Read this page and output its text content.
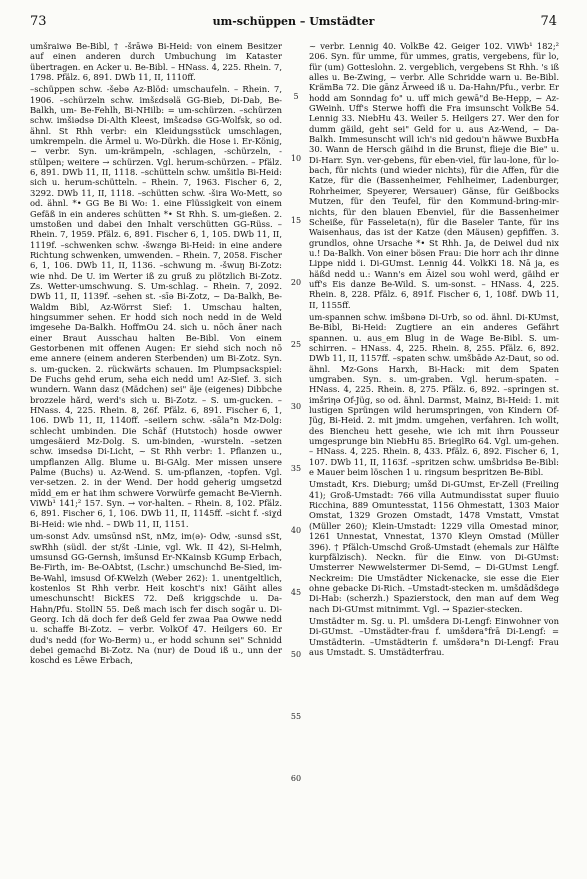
73	um-schüppen – Umstädter	74

umšraiwə Be-Bibl, † -šrāwə Bi-Heid: von einem Besitzer auf einen anderen durch Umbuchung im Kataster übertragen. en Acker u. Be-Bibl. – HNass. 4, 225. Rhein. 7, 1798. Pfälz. 6, 891. DWb 11, II, 1110ff.

–schüppen schw. -šebə Az-Blöd: umschaufeln. – Rhein. 7, 1906. –schürzeln schw. imšεdsəlä GG-Bieb, Di-Dab, Be-Balkh, um- Be-Fehlh, Bi-NHilb: = um-schürzen. –schürzen schw. imšiədsə Di-Alth Kleest, imšεədsə GG-Wolfsk, so od. ähnl. St Rhh verbr: ein Kleidungsstück umschlagen, umkrempeln. die Ärmel u. Wo-Dürkh. die Hose i. Er-König, ~ verbr. Syn. um-krämpeln, -schlagen, -schürzeln, -stülpen; weitere → schürzen. Vgl. herum-schürzen. – Pfälz. 6, 891. DWb 11, II, 1118. –schütteln schw. umšitlə Bi-Heid: sich u. herum-schütteln. – Rhein. 7, 1963. Fischer 6, 2, 3292. DWb 11, II, 1118. –schütten schw. -šira Wo-Mett, so od. ähnl. *• GG Be Bi Wo: 1. eine Flüssigkeit von einem Gefäß in ein anderes schütten *• St Rhh. S. um-gießen. 2. umstoßen und dabei den Inhalt verschütten GG-Rüss. – Rhein. 7, 1959. Pfälz. 6, 891. Fischer 6, 1, 105. DWb 11, II, 1119f. –schwenken schw. -šwεηgə Bi-Heid: in eine andere Richtung schwenken, umwenden. – Rhein. 7, 2058. Fischer 6, 1, 106. DWb 11, II, 1136. –schwung m. -šwuŋ Bi-Zotz: wie nhd. De U. im Werter iß zu gruß zu plötzlich Bi-Zotz. Zs. Wetter-umschwung. S. Um-schlag. – Rhein. 7, 2092. DWb 11, II, 1139f. –sehen st. -sīə Bi-Zotz, ~ Da-Balkh, Be-Waldm Bibl, Az-Wörrst Sief: 1. Umschau halten, hingsummer sehen. Er hodd sich noch nedd in de Weld imgesehe Da-Balkh. HoffmOu 24. sich u. nōch āner nach einer Braut Ausschau halten Be-Bibl. Von einem Gestorbenen mit offenen Augen: Er siehd sich noch nō eme annere (einem anderen Sterbenden) um Bi-Zotz. Syn. s. um-gucken. 2. rückwärts schauen. Im Plumpsackspiel: De Fuchs gehd erum, seha eich nedd um! Az-Sief. 3. sich wundern. Wann dasz (Mädchen) sei" äje (eigenes) Dibbche brozzele hărd, werd's sich u. Bi-Zotz. – S. um-gucken. – HNass. 4, 225. Rhein. 8, 26f. Pfälz. 6, 891. Fischer 6, 1, 106. DWb 11, II, 1140ff. –seilern schw. -sāla°n Mz-Dolg: schlecht umbinden. Die Schāf (Hutstoch) hosde owwer umgesäierd Mz-Dolg. S. um-binden, -wursteln. –setzen schw. imsedsə Di-Licht, ~ St Rhh verbr: 1. Pflanzen u., umpflanzen Allg. Blume u. Bi-GAlg. Mer missen unsere Palme (Buchs) u. Az-Wend. S. um-pflanzen, -topfen. Vgl. ver-setzen. 2. in der Wend. Der hodd geherig umgsetzd mīdd_em er hat ihm schwere Vorwürfe gemacht Be-Viernh. ViWb¹ 141;² 157. Syn. → vor-halten. – Rhein. 8, 102. Pfälz. 6, 891. Fischer 6, 1, 106. DWb 11, II, 1145ff. –sicht f. -siχd Bi-Heid: wie nhd. – DWb 11, II, 1151.

um-sonst Adv. umsūnsd nSt, nMz, im(ə)- Odw, -sunsd sSt, swRhh (südl. der st/št -Linie, vgl. Wk. II 42), Si-Helmh, umsunsd GG-Gernsh, imšunsd Er-NKainsb KGump Erbach, Be-Firth, im- Be-OAbtst, (Lschr.) umschunchd Be-Sied, im- Be-Wahl, imsusd Of-KWelzh (Weber 262): 1. unentgeltlich, kostenlos St Rhh verbr. Heit koscht's nix! Gäiht alles umeschunscht! BickES 72. Deß kriggschde u. Da-Hahn/Pfu. StollN 55. Deß mach isch fer disch sogār u. Di-Georg. Ich dä doch fer deß Geld fer zwaa Paa Owwe nedd u. schaffe Bi-Zotz. ~ verbr. VolkOf 47. Heilgers 60. Er dud's nedd (for Wo-Berm) u., er hodd schunn sei" Schnidd debei gemachd Bi-Zotz. Na (nur) de Doud iß u., unn der koschd es Lēwe Erbach,

5
10
15
20
25
30
35
40
45
50
55
60

~ verbr. Lennig 40. VolkBe 42. Geiger 102. ViWb¹ 182;² 206. Syn. für umme, für ummes, gratis, vergebens, für lo, für (um) Gotteslohn. 2. vergeblich, vergebens St Rhh. 's iß alles u. Be-Zwing, ~ verbr. Alle Schridde warn u. Be-Bibl. KrämBa 72. Die gānz Ārweed iß u. Da-Hahn/Pfu., verbr. Er hodd am Sonndag fo" u. uff mich gewā"d Be-Hepp, ~ Az-GWeinh. Uff's Sterwe hoffi die Fra imsunscht VolkBe 54. Lennig 33. NiebHu 43. Weiler 5. Heilgers 27. Wer den for dumm gäild, geht sei" Geld for u. aus Az-Wend, ~ Da-Balkh. Immesunscht will ich's nid gedou'n häwwe BuxbHa 30. Wann de Hersch gäihd in die Brunst, flieje die Bie" u. Di-Harr. Syn. ver-gebens, für eben-viel, für lau-lone, für lo-bach, für nichts (und wieder nichts), für die Affen, für die Katze, für die (Bassenheimer, Fehlheimer, Ladenburger, Rohrheimer, Speyerer, Wersauer) Gänse, für Geißbocks Mutzen, für den Teufel, für den Kommund-bring-mir-nichts, für den blauen Ebenviel, für die Bassenheimer Scheiße, für Fasseleta(n), für die Baseler Tante, für ins Waisenhaus, das ist der Katze (den Mäusen) gepfiffen. 3. grundlos, ohne Ursache *• St Rhh. Ja, de Deiwel dud nix u.! Da-Balkh. Von einer bösen Frau: Die horr ach ihr dinne Lippe nidd i. Di-GUmst. Lennig 44. VolkKi 18. Nā ja, es häßd nedd u.: Wann's em Äizel sou wohl werd, gäihd er uff's Eis danze Be-Wild. S. um-sonst. – HNass. 4, 225. Rhein. 8, 228. Pfälz. 6, 891f. Fischer 6, 1, 108f. DWb 11, II, 1155ff.

um-spannen schw. imšbənə Di-Urb, so od. ähnl. Di-KUmst, Be-Bibl, Bi-Heid: Zugtiere an ein anderes Gefährt spannen. u. aus_em Blug in de Wage Be-Bibl. S. um-schirren. – HNass. 4, 225. Rhein. 8, 255. Pfälz. 6, 892. DWb 11, II, 1157ff. –spaten schw. umšbādə Az-Daut, so od. ähnl. Mz-Gons Harxh, Bi-Hack: mit dem Spaten umgraben. Syn. s. um-graben. Vgl. herum-spaten. – HNass. 4, 225. Rhein. 8, 275. Pfälz. 6, 892. –springen st. imšriηə Of-Jüg, so od. ähnl. Darmst, Mainz, Bi-Heid: 1. mit lustigen Sprüngen wild herumspringen, von Kindern Of-Jüg, Bi-Heid. 2. mit jmdm. umgehen, verfahren. Ich wollt, des Biencheu hett gesehe, wie ich mit ihrn Pousseur umgesprunge bin NiebHu 85. BrieglRo 64. Vgl. um-gehen. – HNass. 4, 225. Rhein. 8, 433. Pfälz. 6, 892. Fischer 6, 1, 107. DWb 11, II, 1163f. –spritzen schw. umšbridsə Be-Bibl: e Mauer beim löschen 1 u. ringsum bespritzen Be-Bibl.

Umstadt, Krs. Dieburg; umšd Di-GUmst, Er-Zell (Freiling 41); Groß-Umstadt: 766 villa Autmundisstat super fluuio Ricchina, 889 Omuntesstat, 1156 Ohmestatt, 1303 Maior Omstat, 1329 Grozen Omstadt, 1478 Vmstatt, Vmstat (Müller 260); Klein-Umstadt: 1229 villa Omestad minor, 1261 Unnestat, Vnnestat, 1370 Kleyn Omstad (Müller 396). † Pfälch-Umschd Groß-Umstadt (ehemals zur Hälfte kurpfälzisch). Neckn. für die Einw. von Di-GUmst: Umsterrer Newwelstermer Di-Semd, ~ Di-GUmst Lengf. Neckreim: Die Umstädter Nickenacke, sie esse die Eier ohne gebacke Di-Rich. –Umstadt-stecken m. umšdādšdegə Di-Hab: (scherzh.) Spazierstock, den man auf dem Weg nach Di-GUmst mitnimmt. Vgl. → Spazier-stecken.

Umstädter m. Sg. u. Pl. umšdera Di-Lengf: Einwohner von Di-GUmst. –Umstädter-frau f. umšdəra°frā Di-Lengf: = Umstädterin. –Umstädterin f. umšdəra°n Di-Lengf: Frau aus Umstadt. S. Umstädterfrau.
